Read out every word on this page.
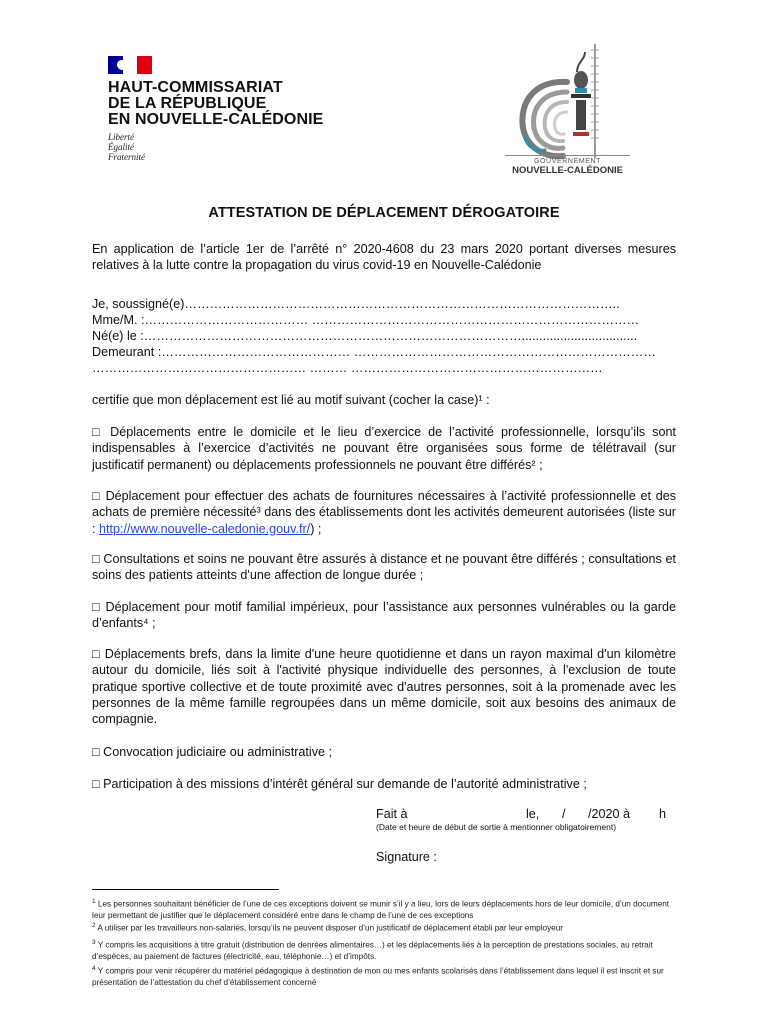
HAUT-COMMISSARIAT
DE LA RÉPUBLIQUE
EN NOUVELLE-CALÉDONIE
Liberté
Égalité
Fraternité	GOUVERNEMENT
NOUVELLE-CALÉDONIE
ATTESTATION DE DÉPLACEMENT DÉROGATOIRE
En application de l’article 1er de l’arrêté n° 2020-4608 du 23 mars 2020 portant diverses mesures relatives à la lutte contre la propagation du virus covid-19 en Nouvelle-Calédonie
Je, soussigné(e)…………………………………………………………………………………………..
Mme/M. :………………………………… ……………………………………………………………………
Né(e) le :……………………………………………………………………………….................................
Demeurant :……………………………………… ………………………………………………………………
…………………………………………… ……… ……………………………………………………
certifie que mon déplacement est lié au motif suivant (cocher la case)¹ :
□ Déplacements entre le domicile et le lieu d’exercice de l’activité professionnelle, lorsqu’ils sont indispensables à l’exercice d’activités ne pouvant être organisées sous forme de télétravail (sur justificatif permanent) ou déplacements professionnels ne pouvant être différés² ;
□ Déplacement pour effectuer des achats de fournitures nécessaires à l’activité professionnelle et des achats de première nécessité³ dans des établissements dont les activités demeurent autorisées (liste sur : http://www.nouvelle-caledonie.gouv.fr/) ;
□ Consultations et soins ne pouvant être assurés à distance et ne pouvant être différés ; consultations et soins des patients atteints d'une affection de longue durée ;
□ Déplacement pour motif familial impérieux, pour l’assistance aux personnes vulnérables ou la garde d’enfants⁴ ;
□ Déplacements brefs, dans la limite d'une heure quotidienne et dans un rayon maximal d'un kilomètre autour du domicile, liés soit à l'activité physique individuelle des personnes, à l'exclusion de toute pratique sportive collective et de toute proximité avec d'autres personnes, soit à la promenade avec les personnes de la même famille regroupées dans un même domicile, soit aux besoins des animaux de compagnie.
□ Convocation judiciaire ou administrative ;
□ Participation à des missions d’intérêt général sur demande de l’autorité administrative ;
Fait à	le,	/	/2020 à	h
(Date et heure de début de sortie à mentionner obligatoirement)
Signature :
$^1$ Les personnes souhaitant bénéficier de l’une de ces exceptions doivent se munir s’il y a lieu, lors de leurs déplacements hors de leur domicile, d’un document leur permettant de justifier que le déplacement considéré entre dans le champ de l’une de ces exceptions
$^2$ A utiliser par les travailleurs non-salariés, lorsqu’ils ne peuvent disposer d’un justificatif de déplacement établi par leur employeur
$^3$ Y compris les acquisitions à titre gratuit (distribution de denrées alimentaires…) et les déplacements liés à la perception de prestations sociales, au retrait d’espèces, au paiement de factures (électricité, eau, téléphonie…) et d’impôts.
$^4$ Y compris pour venir récupérer du matériel pédagogique à destination de mon ou mes enfants scolarisés dans l’établissement dans lequel il est inscrit et sur présentation de l’attestation du chef d’établissement concerné
